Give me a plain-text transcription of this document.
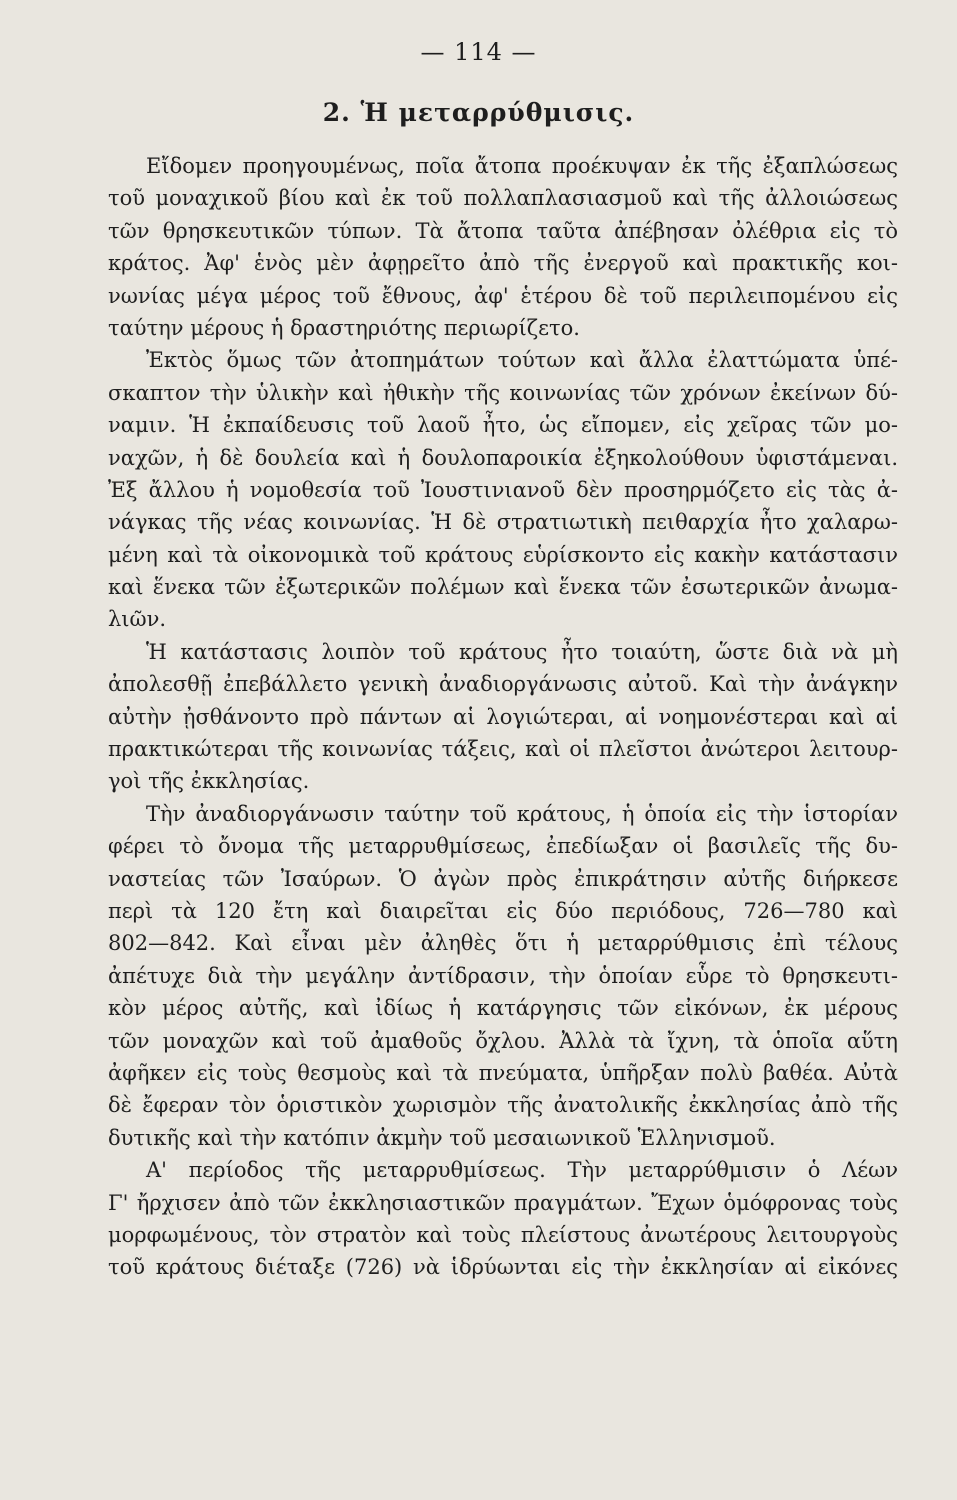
— 114 —
2. Ἡ μεταρρύθμισις.
Εἴδομεν προηγουμένως, ποῖα ἄτοπα προέκυψαν ἐκ τῆς ἐξαπλώσεως
τοῦ μοναχικοῦ βίου καὶ ἐκ τοῦ πολλαπλασιασμοῦ καὶ τῆς ἀλλοιώσεως
τῶν θρησκευτικῶν τύπων. Τὰ ἄτοπα ταῦτα ἀπέβησαν ὀλέθρια εἰς τὸ
κράτος. Ἀφ' ἑνὸς μὲν ἀφῃρεῖτο ἀπὸ τῆς ἐνεργοῦ καὶ πρακτικῆς κοι-
νωνίας μέγα μέρος τοῦ ἔθνους, ἀφ' ἑτέρου δὲ τοῦ περιλειπομένου εἰς
ταύτην μέρους ἡ δραστηριότης περιωρίζετο.
Ἐκτὸς ὅμως τῶν ἀτοπημάτων τούτων καὶ ἄλλα ἐλαττώματα ὑπέ-
σκαπτον τὴν ὑλικὴν καὶ ἠθικὴν τῆς κοινωνίας τῶν χρόνων ἐκείνων δύ-
ναμιν. Ἡ ἐκπαίδευσις τοῦ λαοῦ ἦτο, ὡς εἴπομεν, εἰς χεῖρας τῶν μο-
ναχῶν, ἡ δὲ δουλεία καὶ ἡ δουλοπαροικία ἐξηκολούθουν ὑφιστάμεναι.
Ἐξ ἄλλου ἡ νομοθεσία τοῦ Ἰουστινιανοῦ δὲν προσηρμόζετο εἰς τὰς ἀ-
νάγκας τῆς νέας κοινωνίας. Ἡ δὲ στρατιωτικὴ πειθαρχία ἦτο χαλαρω-
μένη καὶ τὰ οἰκονομικὰ τοῦ κράτους εὑρίσκοντο εἰς κακὴν κατάστασιν
καὶ ἕνεκα τῶν ἐξωτερικῶν πολέμων καὶ ἕνεκα τῶν ἐσωτερικῶν ἀνωμα-
λιῶν.
Ἡ κατάστασις λοιπὸν τοῦ κράτους ἦτο τοιαύτη, ὥστε διὰ νὰ μὴ
ἀπολεσθῇ ἐπεβάλλετο γενικὴ ἀναδιοργάνωσις αὐτοῦ. Καὶ τὴν ἀνάγκην
αὐτὴν ᾐσθάνοντο πρὸ πάντων αἱ λογιώτεραι, αἱ νοημονέστεραι καὶ αἱ
πρακτικώτεραι τῆς κοινωνίας τάξεις, καὶ οἱ πλεῖστοι ἀνώτεροι λειτουρ-
γοὶ τῆς ἐκκλησίας.
Τὴν ἀναδιοργάνωσιν ταύτην τοῦ κράτους, ἡ ὁποία εἰς τὴν ἱστορίαν
φέρει τὸ ὄνομα τῆς μεταρρυθμίσεως, ἐπεδίωξαν οἱ βασιλεῖς τῆς δυ-
ναστείας τῶν Ἰσαύρων. Ὁ ἀγὼν πρὸς ἐπικράτησιν αὐτῆς διήρκεσε
περὶ τὰ 120 ἔτη καὶ διαιρεῖται εἰς δύο περιόδους, 726—780 καὶ
802—842. Καὶ εἶναι μὲν ἀληθὲς ὅτι ἡ μεταρρύθμισις ἐπὶ τέλους
ἀπέτυχε διὰ τὴν μεγάλην ἀντίδρασιν, τὴν ὁποίαν εὗρε τὸ θρησκευτι-
κὸν μέρος αὐτῆς, καὶ ἰδίως ἡ κατάργησις τῶν εἰκόνων, ἐκ μέρους
τῶν μοναχῶν καὶ τοῦ ἀμαθοῦς ὄχλου. Ἀλλὰ τὰ ἴχνη, τὰ ὁποῖα αὕτη
ἀφῆκεν εἰς τοὺς θεσμοὺς καὶ τὰ πνεύματα, ὑπῆρξαν πολὺ βαθέα. Αὐτὰ
δὲ ἔφεραν τὸν ὁριστικὸν χωρισμὸν τῆς ἀνατολικῆς ἐκκλησίας ἀπὸ τῆς
δυτικῆς καὶ τὴν κατόπιν ἀκμὴν τοῦ μεσαιωνικοῦ Ἑλληνισμοῦ.
Α' περίοδος τῆς μεταρρυθμίσεως. Τὴν μεταρρύθμισιν ὁ Λέων
Γ' ἤρχισεν ἀπὸ τῶν ἐκκλησιαστικῶν πραγμάτων. Ἔχων ὁμόφρονας τοὺς
μορφωμένους, τὸν στρατὸν καὶ τοὺς πλείστους ἀνωτέρους λειτουργοὺς
τοῦ κράτους διέταξε (726) νὰ ἱδρύωνται εἰς τὴν ἐκκλησίαν αἱ εἰκόνες
